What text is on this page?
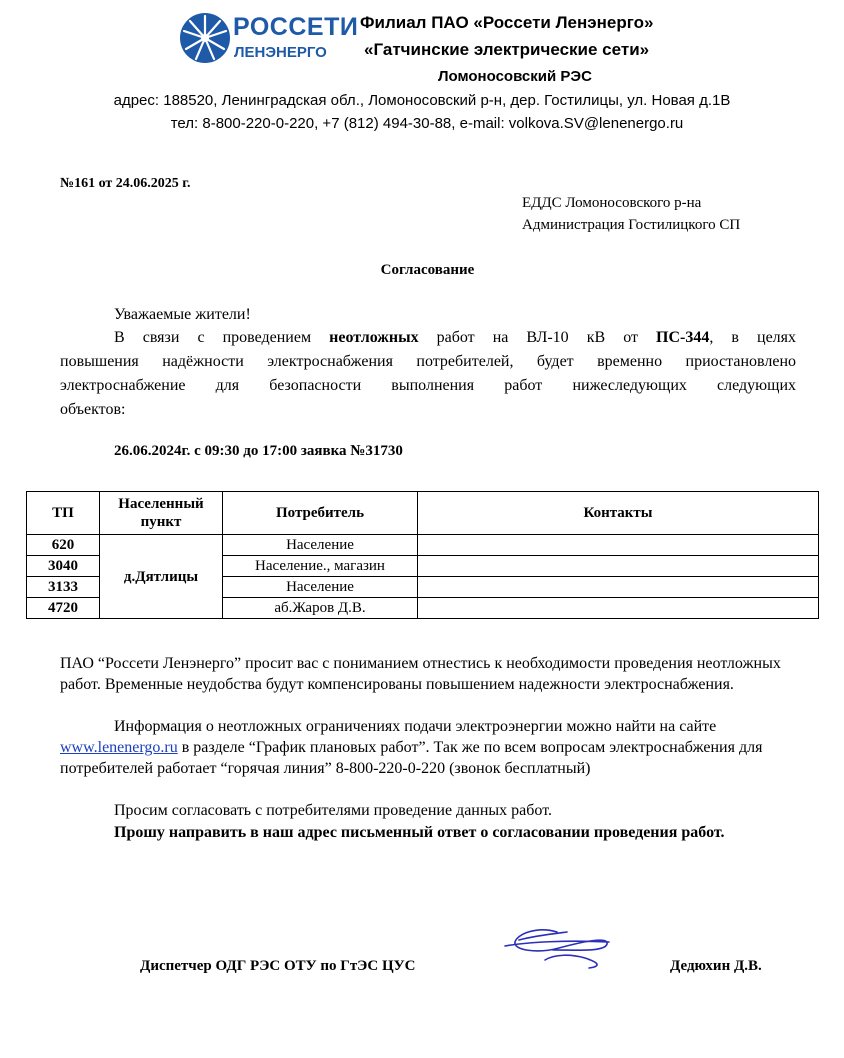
РОССЕТИ
ЛЕНЭНЕРГО
Филиал ПАО «Россети Ленэнерго»
«Гатчинские электрические сети»
Ломоносовский РЭС
адрес: 188520, Ленинградская обл., Ломоносовский р-н, дер. Гостилицы, ул. Новая д.1В
тел: 8-800-220-0-220, +7 (812) 494-30-88, e-mail: volkova.SV@lenenergo.ru
№161 от 24.06.2025 г.
ЕДДС Ломоносовского р-на
Администрация Гостилицкого СП
Согласование
Уважаемые жители!
В связи с проведением неотложных работ на ВЛ-10 кВ от ПС-344, в целях
повышения надёжности электроснабжения потребителей, будет временно приостановлено
электроснабжение для безопасности выполнения работ нижеследующих следующих
объектов:
26.06.2024г. с 09:30 до 17:00 заявка №31730
ТП	Населенный пункт	Потребитель	Контакты
620	д.Дятлицы	Население	
3040		Население., магазин	
3133		Население	
4720		аб.Жаров Д.В.	
ПАО “Россети Ленэнерго” просит вас с пониманием отнестись к необходимости проведения неотложных работ. Временные неудобства будут компенсированы повышением надежности электроснабжения.
Информация о неотложных ограничениях подачи электроэнергии можно найти на сайте www.lenenergo.ru в разделе “График плановых работ”. Так же по всем вопросам электроснабжения для потребителей работает “горячая линия” 8-800-220-0-220 (звонок бесплатный)
Просим согласовать с потребителями проведение данных работ.
Прошу направить в наш адрес письменный ответ о согласовании проведения работ.
Диспетчер ОДГ РЭС ОТУ по ГтЭС ЦУС	Дедюхин Д.В.
